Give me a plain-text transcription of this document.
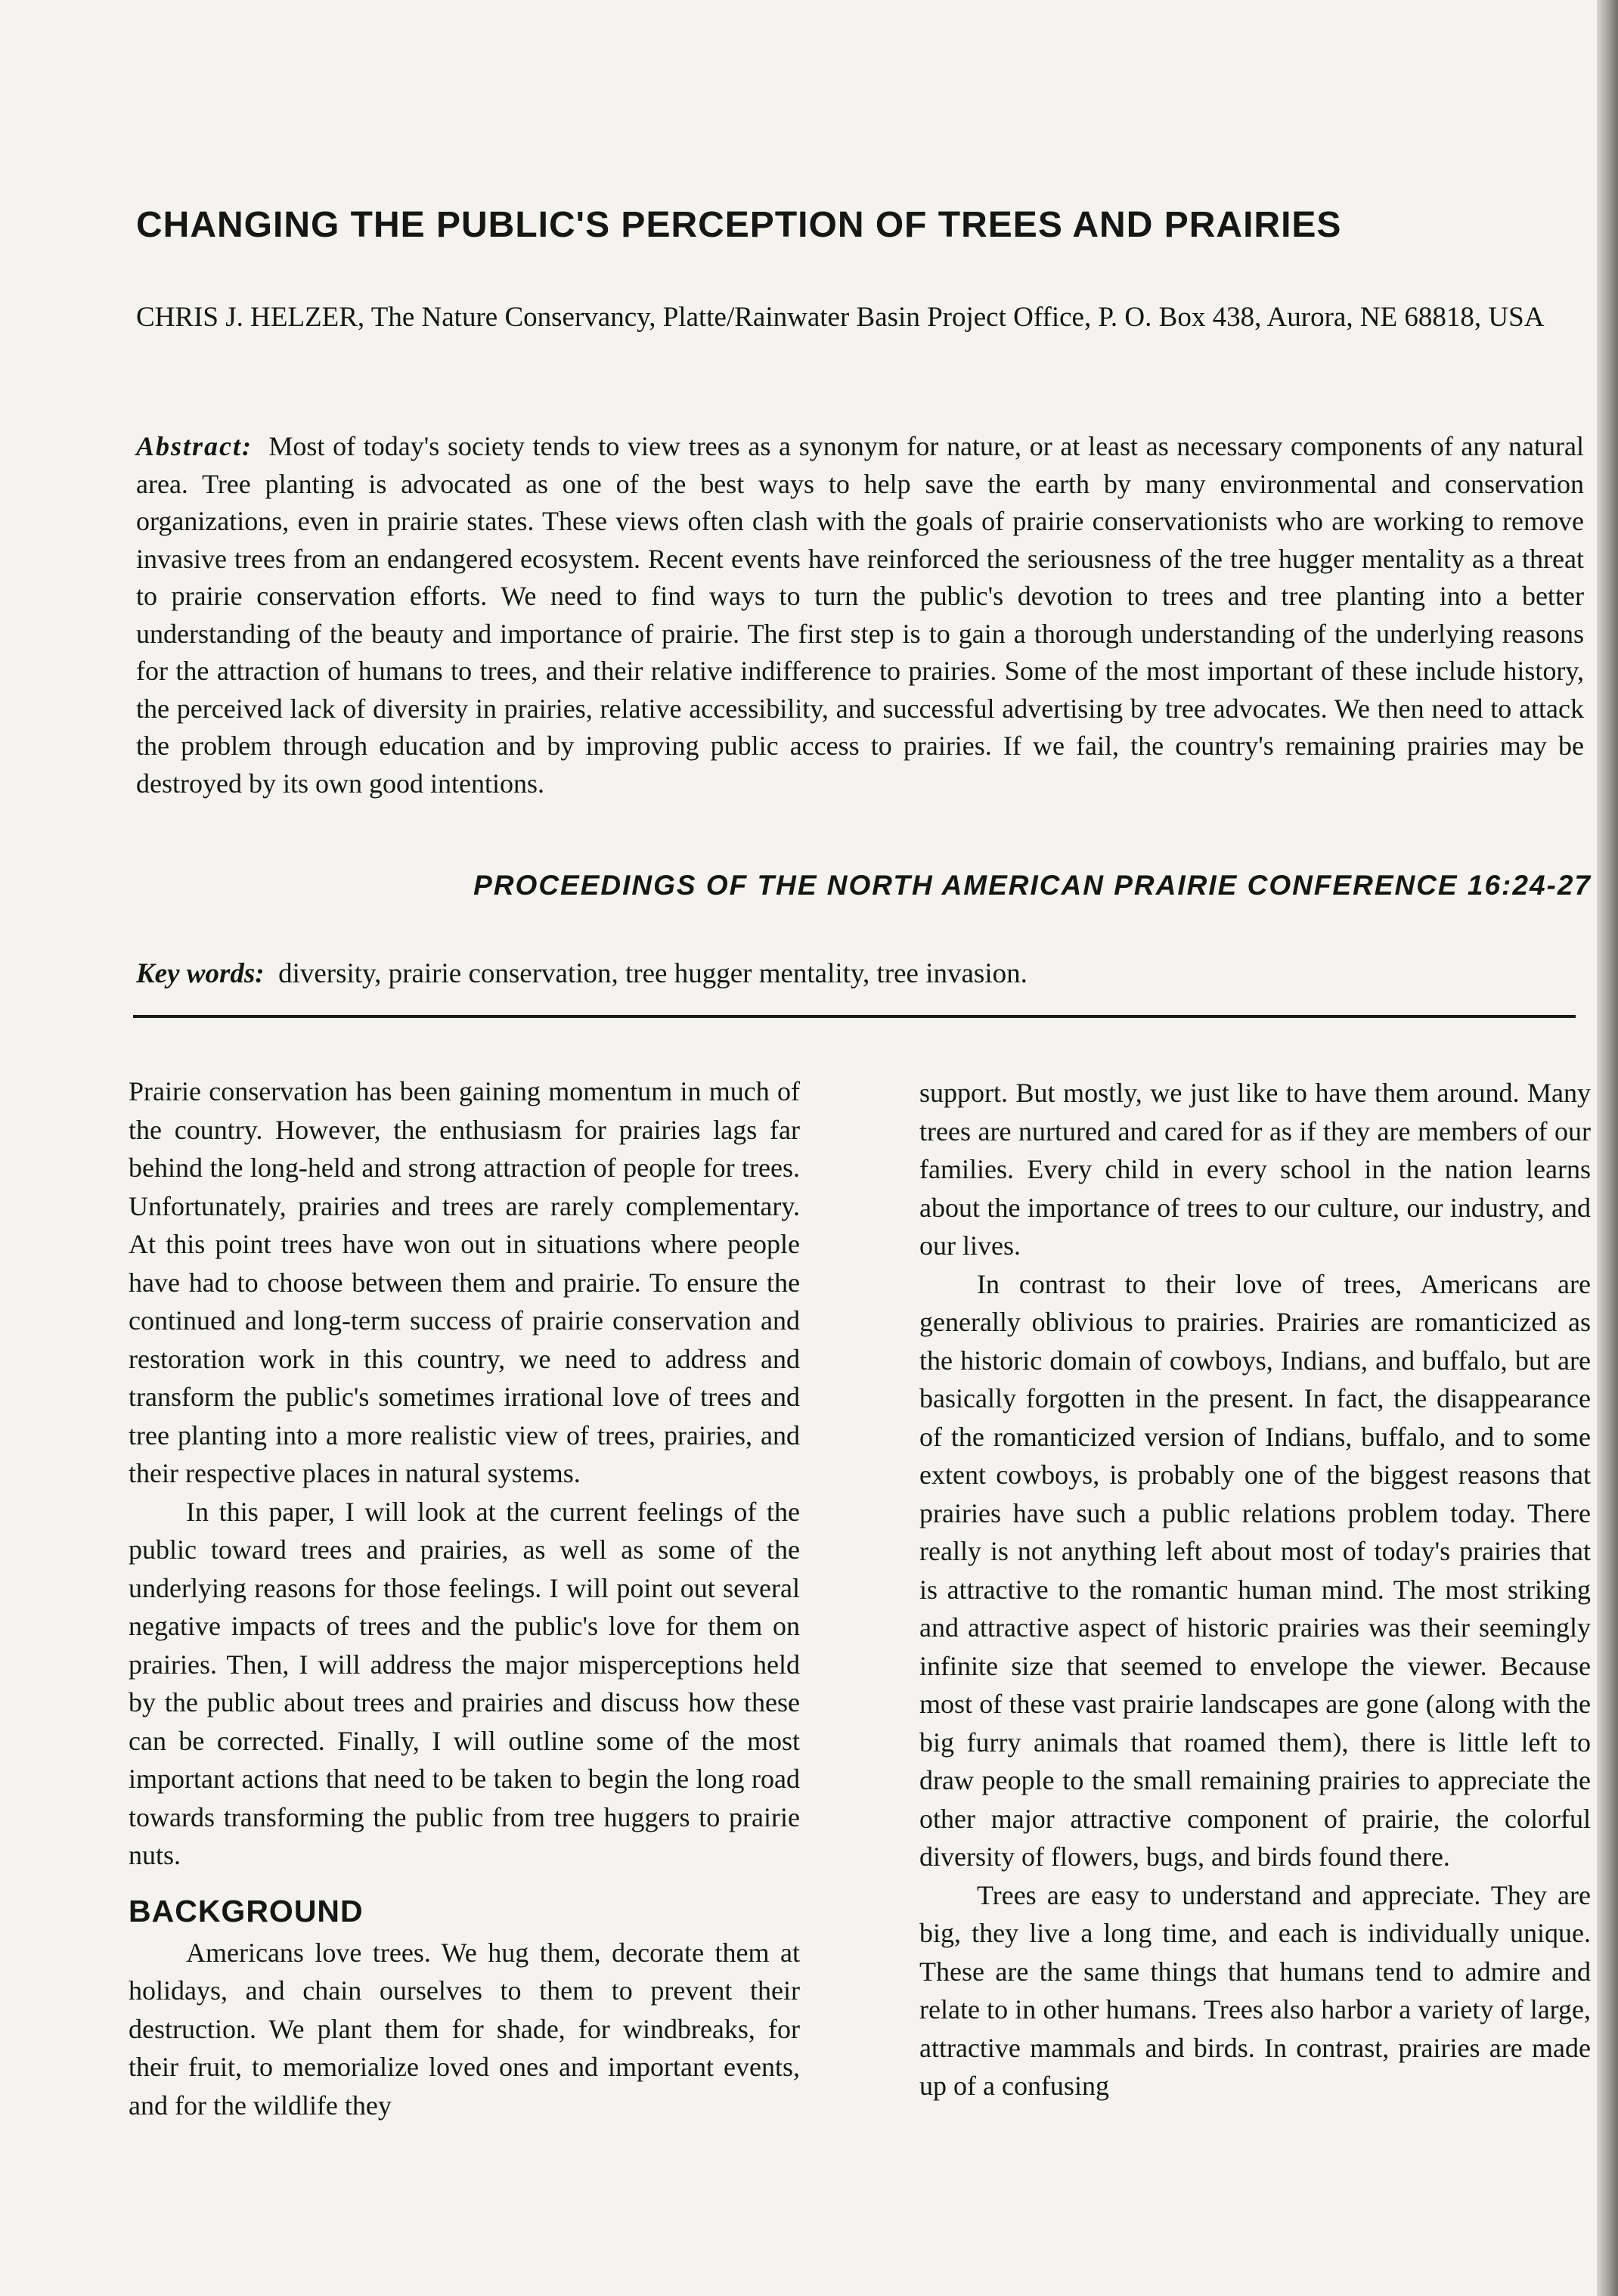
CHANGING THE PUBLIC'S PERCEPTION OF TREES AND PRAIRIES

CHRIS J. HELZER, The Nature Conservancy, Platte/Rainwater Basin Project Office, P. O. Box 438, Aurora, NE 68818, USA

Abstract: Most of today's society tends to view trees as a synonym for nature, or at least as necessary components of any natural area. Tree planting is advocated as one of the best ways to help save the earth by many environmental and conservation organizations, even in prairie states. These views often clash with the goals of prairie conservationists who are working to remove invasive trees from an endangered ecosystem. Recent events have reinforced the seriousness of the tree hugger mentality as a threat to prairie conservation efforts. We need to find ways to turn the public's devotion to trees and tree planting into a better understanding of the beauty and importance of prairie. The first step is to gain a thorough understanding of the underlying reasons for the attraction of humans to trees, and their relative indifference to prairies. Some of the most important of these include history, the perceived lack of diversity in prairies, relative accessibility, and successful advertising by tree advocates. We then need to attack the problem through education and by improving public access to prairies. If we fail, the country's remaining prairies may be destroyed by its own good intentions.

PROCEEDINGS OF THE NORTH AMERICAN PRAIRIE CONFERENCE 16:24-27

Key words: diversity, prairie conservation, tree hugger mentality, tree invasion.

Prairie conservation has been gaining momentum in much of the country. However, the enthusiasm for prairies lags far behind the long-held and strong attraction of people for trees. Unfortunately, prairies and trees are rarely complementary. At this point trees have won out in situations where people have had to choose between them and prairie. To ensure the continued and long-term success of prairie conservation and restoration work in this country, we need to address and transform the public's sometimes irrational love of trees and tree planting into a more realistic view of trees, prairies, and their respective places in natural systems.

In this paper, I will look at the current feelings of the public toward trees and prairies, as well as some of the underlying reasons for those feelings. I will point out several negative impacts of trees and the public's love for them on prairies. Then, I will address the major misperceptions held by the public about trees and prairies and discuss how these can be corrected. Finally, I will outline some of the most important actions that need to be taken to begin the long road towards transforming the public from tree huggers to prairie nuts.

BACKGROUND

Americans love trees. We hug them, decorate them at holidays, and chain ourselves to them to prevent their destruction. We plant them for shade, for windbreaks, for their fruit, to memorialize loved ones and important events, and for the wildlife they

support. But mostly, we just like to have them around. Many trees are nurtured and cared for as if they are members of our families. Every child in every school in the nation learns about the importance of trees to our culture, our industry, and our lives.

In contrast to their love of trees, Americans are generally oblivious to prairies. Prairies are romanticized as the historic domain of cowboys, Indians, and buffalo, but are basically forgotten in the present. In fact, the disappearance of the romanticized version of Indians, buffalo, and to some extent cowboys, is probably one of the biggest reasons that prairies have such a public relations problem today. There really is not anything left about most of today's prairies that is attractive to the romantic human mind. The most striking and attractive aspect of historic prairies was their seemingly infinite size that seemed to envelope the viewer. Because most of these vast prairie landscapes are gone (along with the big furry animals that roamed them), there is little left to draw people to the small remaining prairies to appreciate the other major attractive component of prairie, the colorful diversity of flowers, bugs, and birds found there.

Trees are easy to understand and appreciate. They are big, they live a long time, and each is individually unique. These are the same things that humans tend to admire and relate to in other humans. Trees also harbor a variety of large, attractive mammals and birds. In contrast, prairies are made up of a confusing
